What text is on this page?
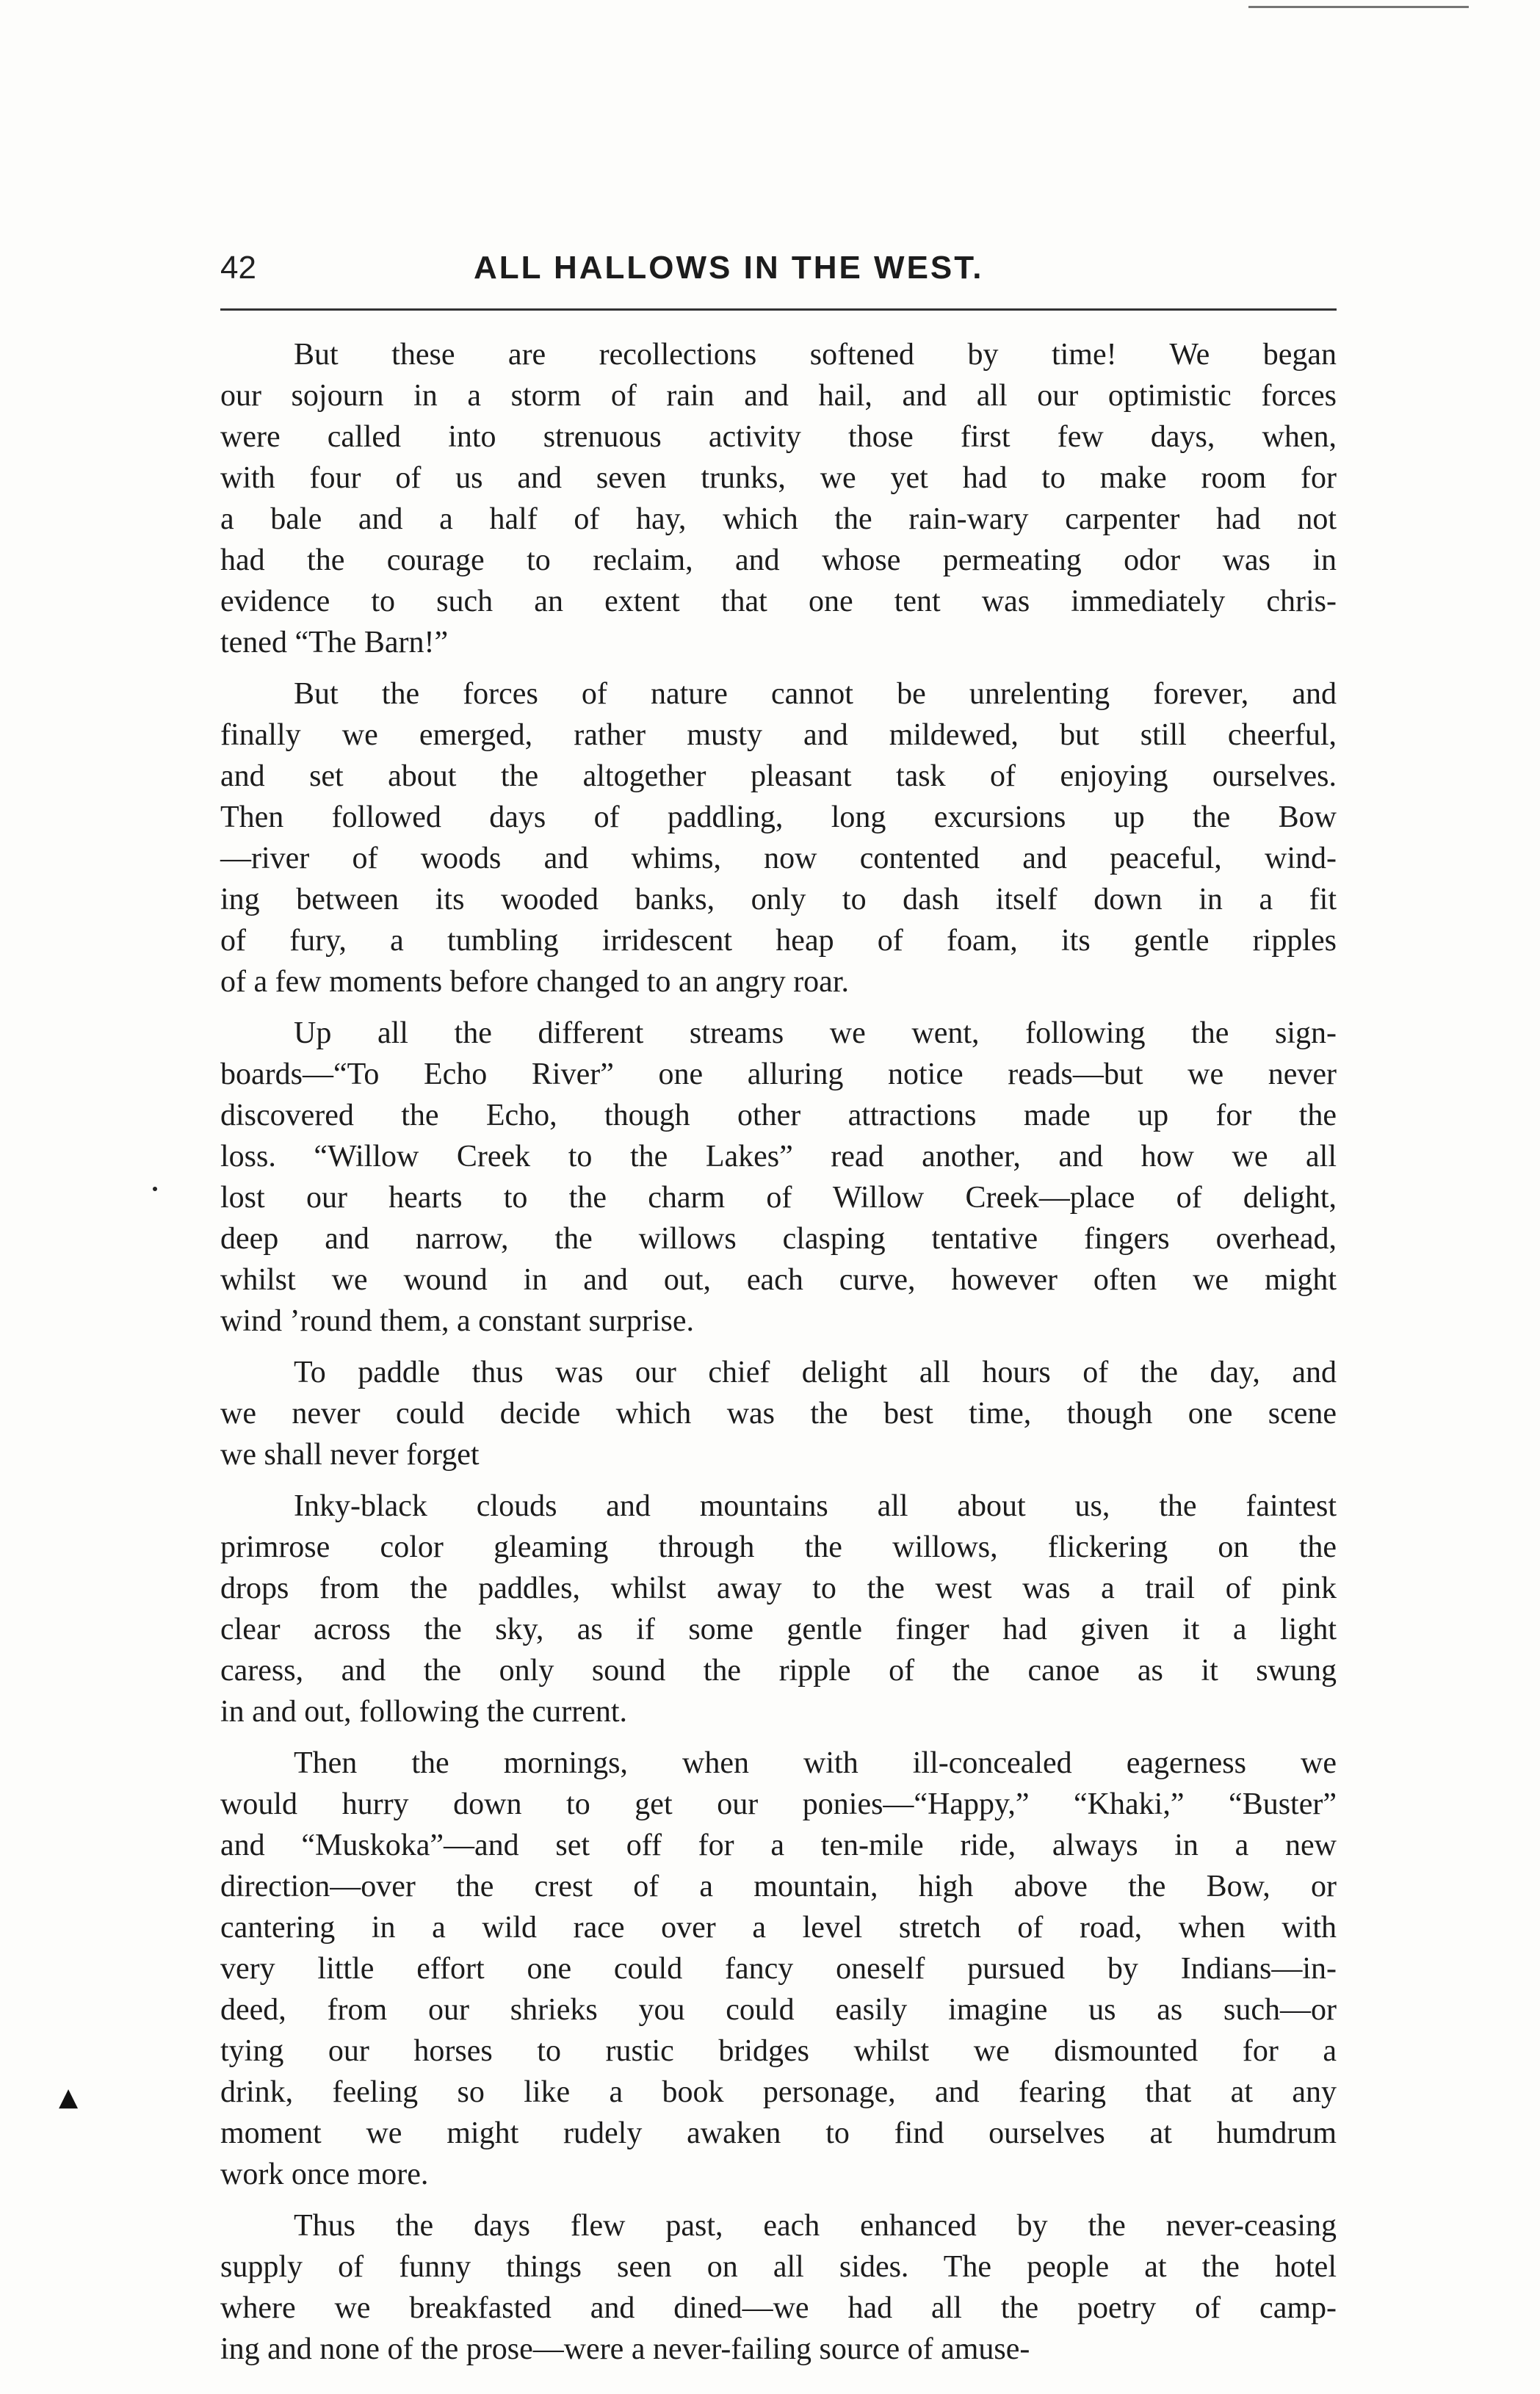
42	ALL HALLOWS IN THE WEST.
But these are recollections softened by time! We began
our sojourn in a storm of rain and hail, and all our optimistic forces
were called into strenuous activity those first few days, when,
with four of us and seven trunks, we yet had to make room for
a bale and a half of hay, which the rain-wary carpenter had not
had the courage to reclaim, and whose permeating odor was in
evidence to such an extent that one tent was immediately chris-
tened “The Barn!”
But the forces of nature cannot be unrelenting forever, and
finally we emerged, rather musty and mildewed, but still cheerful,
and set about the altogether pleasant task of enjoying ourselves.
Then followed days of paddling, long excursions up the Bow
—river of woods and whims, now contented and peaceful, wind-
ing between its wooded banks, only to dash itself down in a fit
of fury, a tumbling irridescent heap of foam, its gentle ripples
of a few moments before changed to an angry roar.
Up all the different streams we went, following the sign-
boards—“To Echo River” one alluring notice reads—but we never
discovered the Echo, though other attractions made up for the
loss. “Willow Creek to the Lakes” read another, and how we all
lost our hearts to the charm of Willow Creek—place of delight,
deep and narrow, the willows clasping tentative fingers overhead,
whilst we wound in and out, each curve, however often we might
wind ’round them, a constant surprise.
To paddle thus was our chief delight all hours of the day, and
we never could decide which was the best time, though one scene
we shall never forget
Inky-black clouds and mountains all about us, the faintest
primrose color gleaming through the willows, flickering on the
drops from the paddles, whilst away to the west was a trail of pink
clear across the sky, as if some gentle finger had given it a light
caress, and the only sound the ripple of the canoe as it swung
in and out, following the current.
Then the mornings, when with ill-concealed eagerness we
would hurry down to get our ponies—“Happy,” “Khaki,” “Buster”
and “Muskoka”—and set off for a ten-mile ride, always in a new
direction—over the crest of a mountain, high above the Bow, or
cantering in a wild race over a level stretch of road, when with
very little effort one could fancy oneself pursued by Indians—in-
deed, from our shrieks you could easily imagine us as such—or
tying our horses to rustic bridges whilst we dismounted for a
drink, feeling so like a book personage, and fearing that at any
moment we might rudely awaken to find ourselves at humdrum
work once more.
Thus the days flew past, each enhanced by the never-ceasing
supply of funny things seen on all sides. The people at the hotel
where we breakfasted and dined—we had all the poetry of camp-
ing and none of the prose—were a never-failing source of amuse-
▲
